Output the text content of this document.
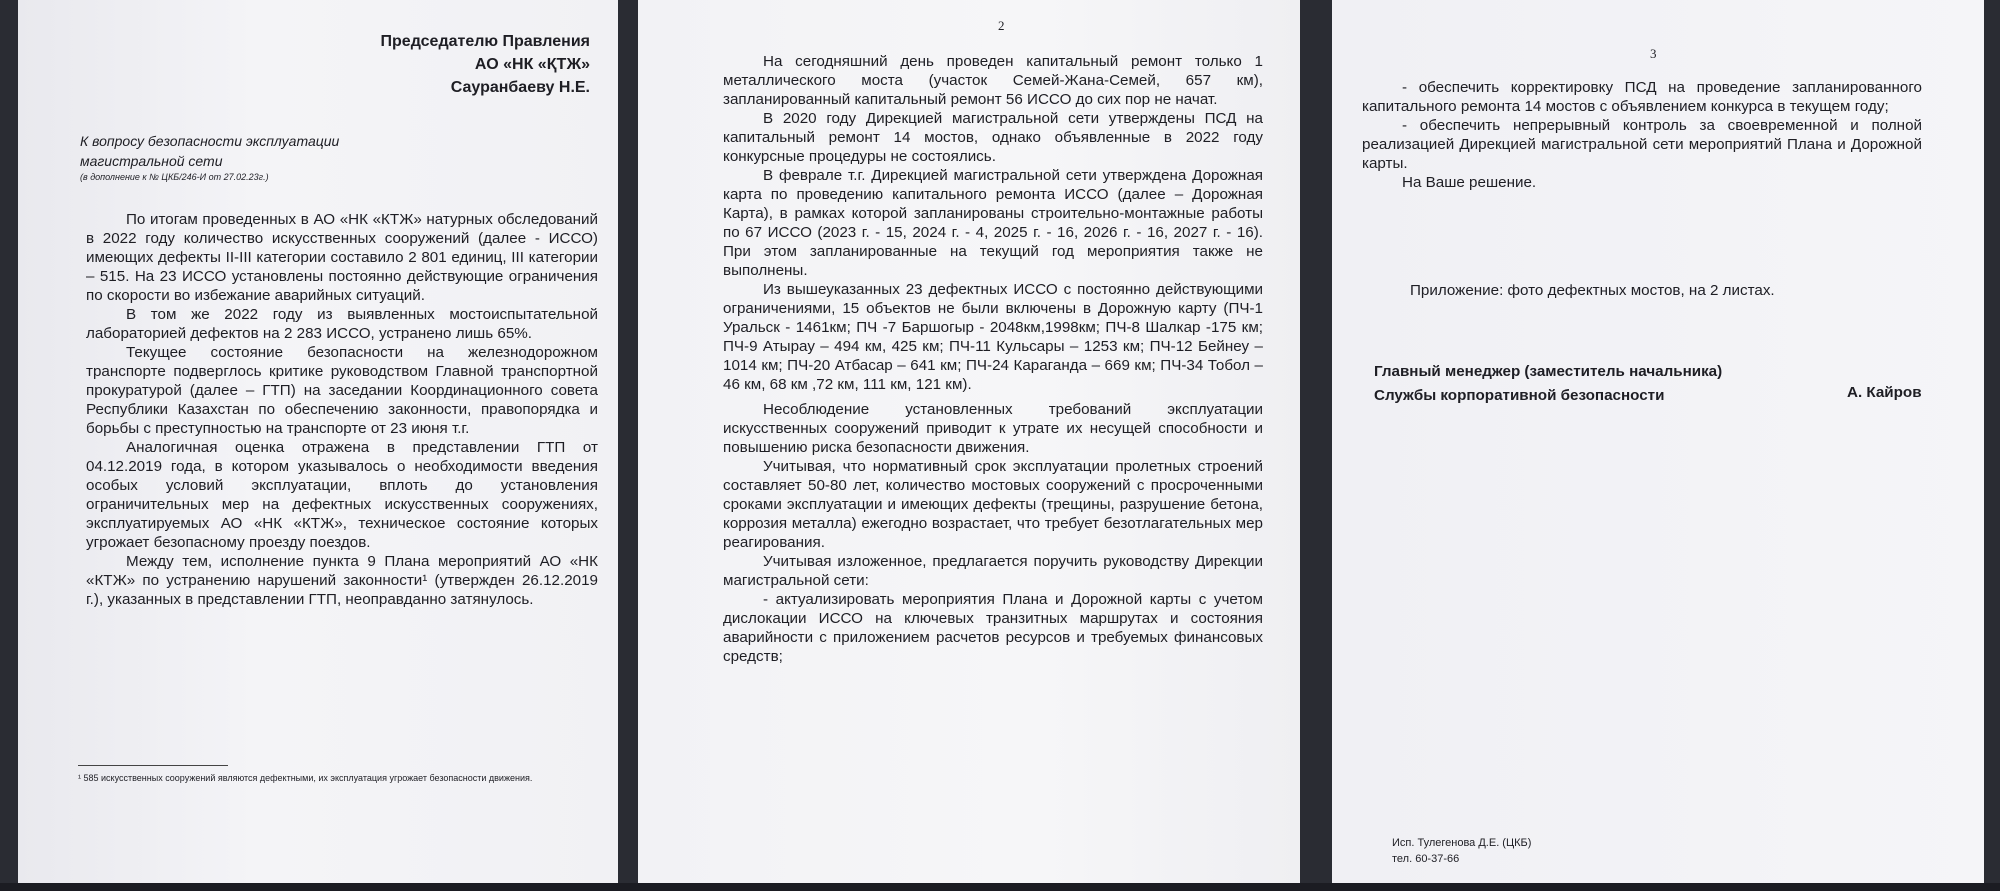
Председателю Правления
АО «НК «ҚТЖ»
Сауранбаеву Н.Е.
К вопросу безопасности эксплуатации
магистральной сети
(в дополнение к № ЦКБ/246-И от 27.02.23г.)

По итогам проведенных в АО «НК «КТЖ» натурных обследований в 2022 году количество искусственных сооружений (далее - ИССО) имеющих дефекты II-III категории составило 2 801 единиц, III категории – 515. На 23 ИССО установлены постоянно действующие ограничения по скорости во избежание аварийных ситуаций.

В том же 2022 году из выявленных мостоиспытательной лабораторией дефектов на 2 283 ИССО, устранено лишь 65%.

Текущее состояние безопасности на железнодорожном транспорте подверглось критике руководством Главной транспортной прокуратурой (далее – ГТП) на заседании Координационного совета Республики Казахстан по обеспечению законности, правопорядка и борьбы с преступностью на транспорте от 23 июня т.г.

Аналогичная оценка отражена в представлении ГТП от 04.12.2019 года, в котором указывалось о необходимости введения особых условий эксплуатации, вплоть до установления ограничительных мер на дефектных искусственных сооружениях, эксплуатируемых АО «НК «КТЖ», техническое состояние которых угрожает безопасному проезду поездов.

Между тем, исполнение пункта 9 Плана мероприятий АО «НК «КТЖ» по устранению нарушений законности¹ (утвержден 26.12.2019 г.), указанных в представлении ГТП, неоправданно затянулось.

¹ 585 искусственных сооружений являются дефектными, их эксплуатация угрожает безопасности движения.
2

На сегодняшний день проведен капитальный ремонт только 1 металлического моста (участок Семей-Жана-Семей, 657 км), запланированный капитальный ремонт 56 ИССО до сих пор не начат.

В 2020 году Дирекцией магистральной сети утверждены ПСД на капитальный ремонт 14 мостов, однако объявленные в 2022 году конкурсные процедуры не состоялись.

В феврале т.г. Дирекцией магистральной сети утверждена Дорожная карта по проведению капитального ремонта ИССО (далее – Дорожная Карта), в рамках которой запланированы строительно-монтажные работы по 67 ИССО (2023 г. - 15, 2024 г. - 4, 2025 г. - 16, 2026 г. - 16, 2027 г. - 16). При этом запланированные на текущий год мероприятия также не выполнены.

Из вышеуказанных 23 дефектных ИССО с постоянно действующими ограничениями, 15 объектов не были включены в Дорожную карту (ПЧ-1 Уральск - 1461км; ПЧ -7 Баршогыр - 2048км,1998км; ПЧ-8 Шалкар -175 км; ПЧ-9 Атырау – 494 км, 425 км; ПЧ-11 Кульсары – 1253 км; ПЧ-12 Бейнеу – 1014 км; ПЧ-20 Атбасар – 641 км; ПЧ-24 Караганда – 669 км; ПЧ-34 Тобол – 46 км, 68 км ,72 км, 111 км, 121 км).

Несоблюдение установленных требований эксплуатации искусственных сооружений приводит к утрате их несущей способности и повышению риска безопасности движения.

Учитывая, что нормативный срок эксплуатации пролетных строений составляет 50-80 лет, количество мостовых сооружений с просроченными сроками эксплуатации и имеющих дефекты (трещины, разрушение бетона, коррозия металла) ежегодно возрастает, что требует безотлагательных мер реагирования.

Учитывая изложенное, предлагается поручить руководству Дирекции магистральной сети:

- актуализировать мероприятия Плана и Дорожной карты с учетом дислокации ИССО на ключевых транзитных маршрутах и состояния аварийности с приложением расчетов ресурсов и требуемых финансовых средств;

3

- обеспечить корректировку ПСД на проведение запланированного капитального ремонта 14 мостов с объявлением конкурса в текущем году;

- обеспечить непрерывный контроль за своевременной и полной реализацией Дирекцией магистральной сети мероприятий Плана и Дорожной карты.

На Ваше решение.

Приложение: фото дефектных мостов, на 2 листах.
Главный менеджер (заместитель начальника)
Службы корпоративной безопасности	А. Кайров
Исп. Тулегенова Д.Е. (ЦКБ)
тел. 60-37-66
